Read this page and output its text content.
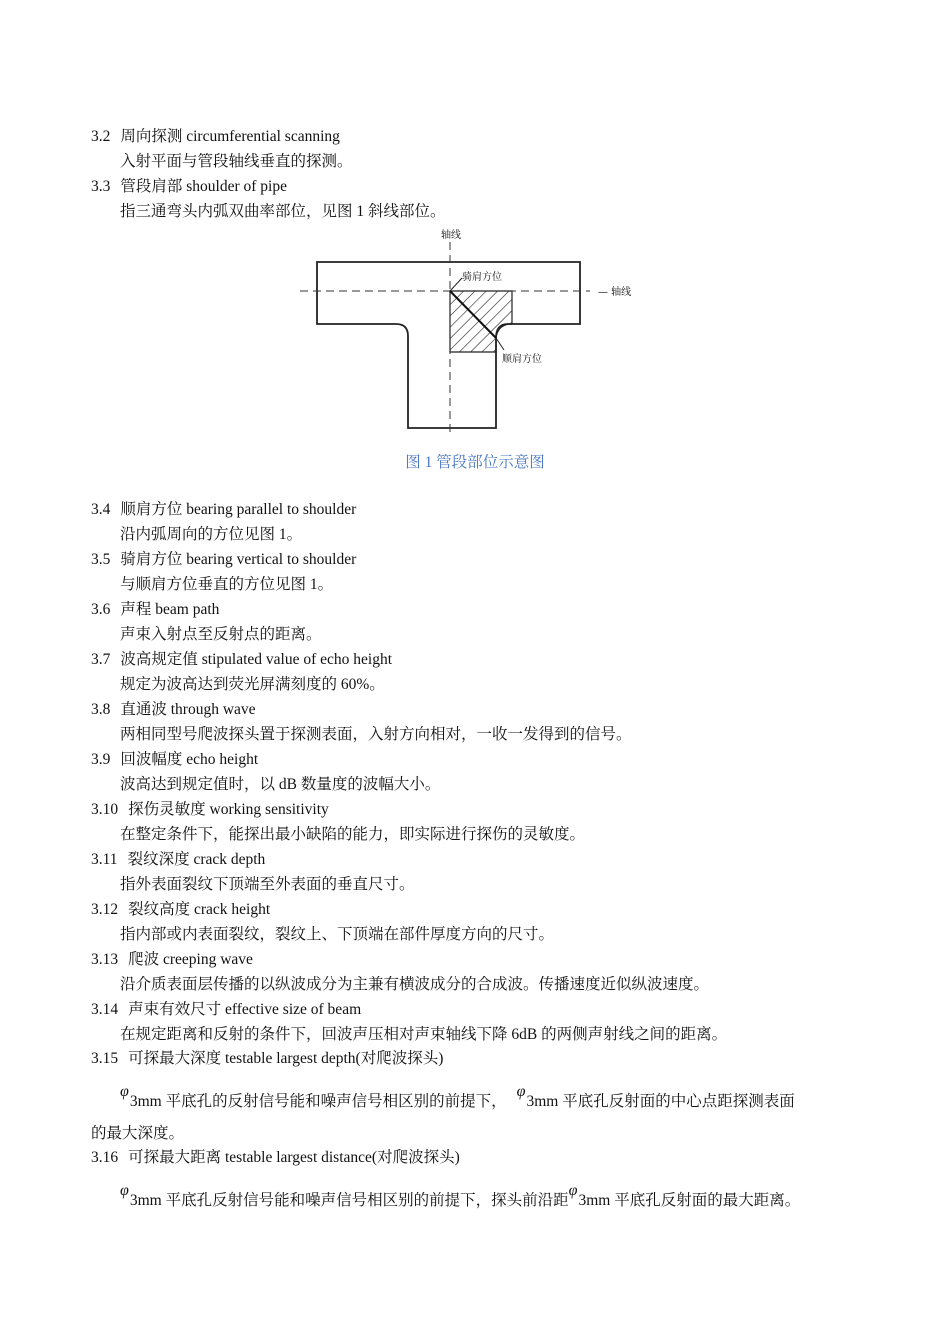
3.2 周向探测 circumferential scanning
入射平面与管段轴线垂直的探测。
3.3 管段肩部 shoulder of pipe
指三通弯头内弧双曲率部位，见图 1 斜线部位。
轴线
骑肩方位
— 轴线
顺肩方位
图 1 管段部位示意图
3.4 顺肩方位 bearing parallel to shoulder
沿内弧周向的方位见图 1。
3.5 骑肩方位 bearing vertical to shoulder
与顺肩方位垂直的方位见图 1。
3.6 声程 beam path
声束入射点至反射点的距离。
3.7 波高规定值 stipulated value of echo height
规定为波高达到荧光屏满刻度的 60%。
3.8 直通波 through wave
两相同型号爬波探头置于探测表面，入射方向相对，一收一发得到的信号。
3.9 回波幅度 echo height
波高达到规定值时，以 dB 数量度的波幅大小。
3.10 探伤灵敏度 working sensitivity
在整定条件下，能探出最小缺陷的能力，即实际进行探伤的灵敏度。
3.11 裂纹深度 crack depth
指外表面裂纹下顶端至外表面的垂直尺寸。
3.12 裂纹高度 crack height
指内部或内表面裂纹，裂纹上、下顶端在部件厚度方向的尺寸。
3.13 爬波 creeping wave
沿介质表面层传播的以纵波成分为主兼有横波成分的合成波。传播速度近似纵波速度。
3.14 声束有效尺寸 effective size of beam
在规定距离和反射的条件下，回波声压相对声束轴线下降 6dB 的两侧声射线之间的距离。
3.15 可探最大深度 testable largest depth(对爬波探头)
φ3mm 平底孔的反射信号能和噪声信号相区别的前提下，φ3mm 平底孔反射面的中心点距探测表面
的最大深度。
3.16 可探最大距离 testable largest distance(对爬波探头)
φ3mm 平底孔反射信号能和噪声信号相区别的前提下，探头前沿距φ3mm 平底孔反射面的最大距离。
